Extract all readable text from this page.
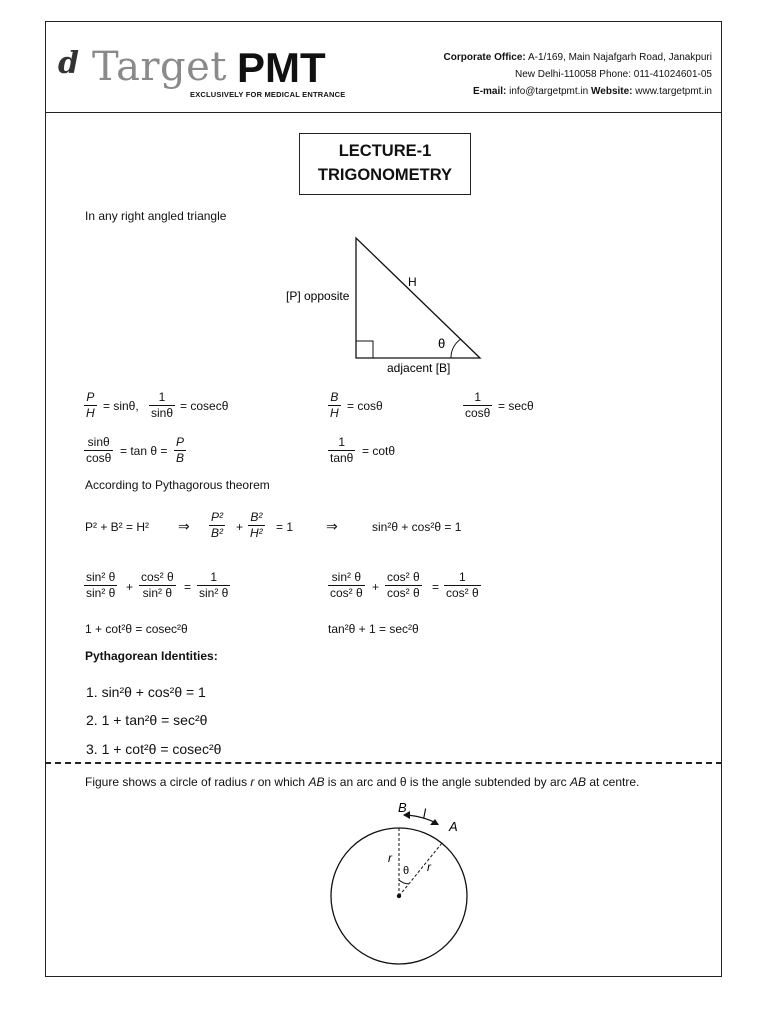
d Target PMT
EXCLUSIVELY FOR MEDICAL ENTRANCE
Corporate Office: A-1/169, Main Najafgarh Road, Janakpuri
New Delhi-110058 Phone: 011-41024601-05
E-mail: info@targetpmt.in Website: www.targetpmt.in
LECTURE-1
TRIGONOMETRY
In any right angled triangle
H
[P] opposite
adjacent [B]
θ
$\frac{P}{H} = \sin\theta$, $\frac{1}{\sin\theta} = cosec\theta$	$\frac{B}{H} = \cos\theta$	$\frac{1}{\cos\theta} = \sec\theta$
$\frac{\sin\theta}{\cos\theta} = \tan \theta = \frac{P}{B}$	$\frac{1}{\tan\theta} = \cot\theta$
According to Pythagorous theorem
P² + B² = H² ⇒ $\frac{\text{P²}}{\text{B²}} + \frac{\text{B²}}{\text{H²}} = 1$ ⇒	sin²θ + cos²θ = 1
$\frac{\text{sin² θ}}{\text{sin² θ}} + \frac{\text{cos² θ}}{\text{sin² θ}} = \frac{1}{\text{sin² θ}}$	$\frac{\text{sin² θ}}{\text{cos² θ}} + \frac{\text{cos² θ}}{\text{cos² θ}} = \frac{1}{\text{cos² θ}}$
1 + cot²θ = cosec²θ	tan²θ + 1 = sec²θ
Pythagorean Identities:
1. sin²θ + cos²θ = 1
2. 1 + tan²θ = sec²θ
3. 1 + cot²θ = cosec²θ
Figure shows a circle of radius r on which AB is an arc and θ is the angle subtended by arc AB at centre.
B
A
l
r
r
θ
